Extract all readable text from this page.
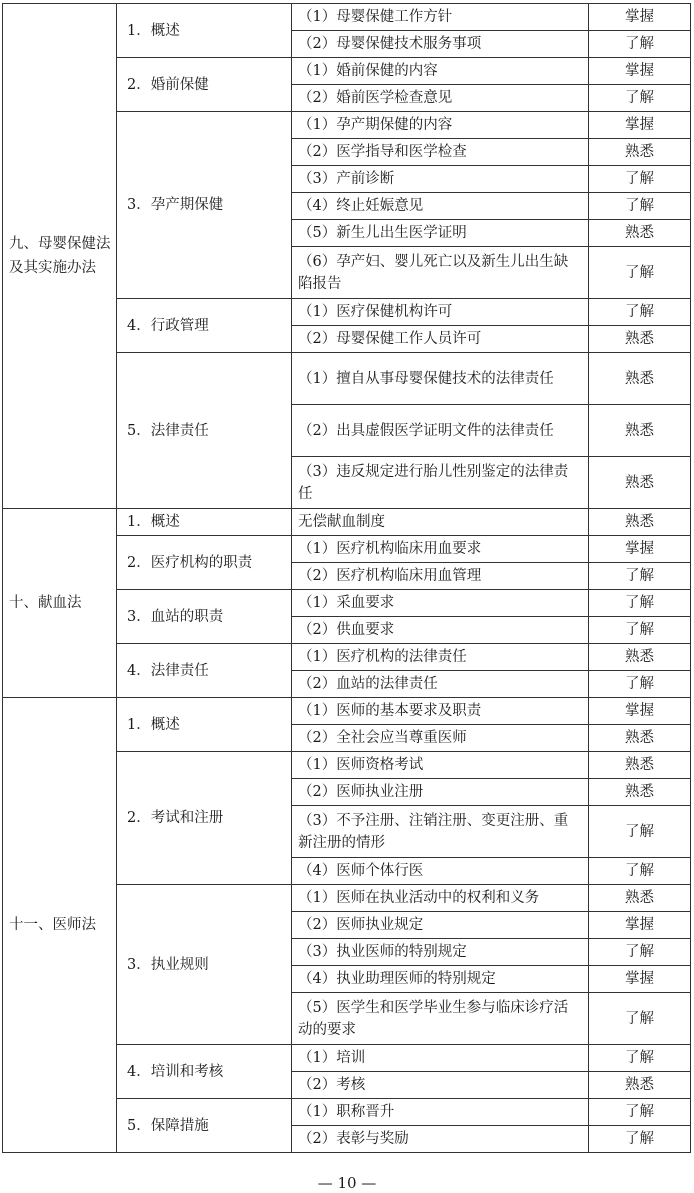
九、母婴保健法及其实施办法	1．概述	（1）母婴保健工作方针	掌握
		（2）母婴保健技术服务事项	了解
	2．婚前保健	（1）婚前保健的内容	掌握
		（2）婚前医学检查意见	了解
	3．孕产期保健	（1）孕产期保健的内容	掌握
		（2）医学指导和医学检查	熟悉
		（3）产前诊断	了解
		（4）终止妊娠意见	了解
		（5）新生儿出生医学证明	熟悉
		（6）孕产妇、婴儿死亡以及新生儿出生缺陷报告	了解
	4．行政管理	（1）医疗保健机构许可	了解
		（2）母婴保健工作人员许可	熟悉
	5．法律责任	（1）擅自从事母婴保健技术的法律责任	熟悉
		（2）出具虚假医学证明文件的法律责任	熟悉
		（3）违反规定进行胎儿性别鉴定的法律责任	熟悉
十、献血法	1．概述	无偿献血制度	熟悉
	2．医疗机构的职责	（1）医疗机构临床用血要求	掌握
		（2）医疗机构临床用血管理	了解
	3．血站的职责	（1）采血要求	了解
		（2）供血要求	了解
	4．法律责任	（1）医疗机构的法律责任	熟悉
		（2）血站的法律责任	了解
十一、医师法	1．概述	（1）医师的基本要求及职责	掌握
		（2）全社会应当尊重医师	熟悉
	2．考试和注册	（1）医师资格考试	熟悉
		（2）医师执业注册	熟悉
		（3）不予注册、注销注册、变更注册、重新注册的情形	了解
		（4）医师个体行医	了解
	3．执业规则	（1）医师在执业活动中的权利和义务	熟悉
		（2）医师执业规定	掌握
		（3）执业医师的特别规定	了解
		（4）执业助理医师的特别规定	掌握
		（5）医学生和医学毕业生参与临床诊疗活动的要求	了解
	4．培训和考核	（1）培训	了解
		（2）考核	熟悉
	5．保障措施	（1）职称晋升	了解
		（2）表彰与奖励	了解
— 10 —
